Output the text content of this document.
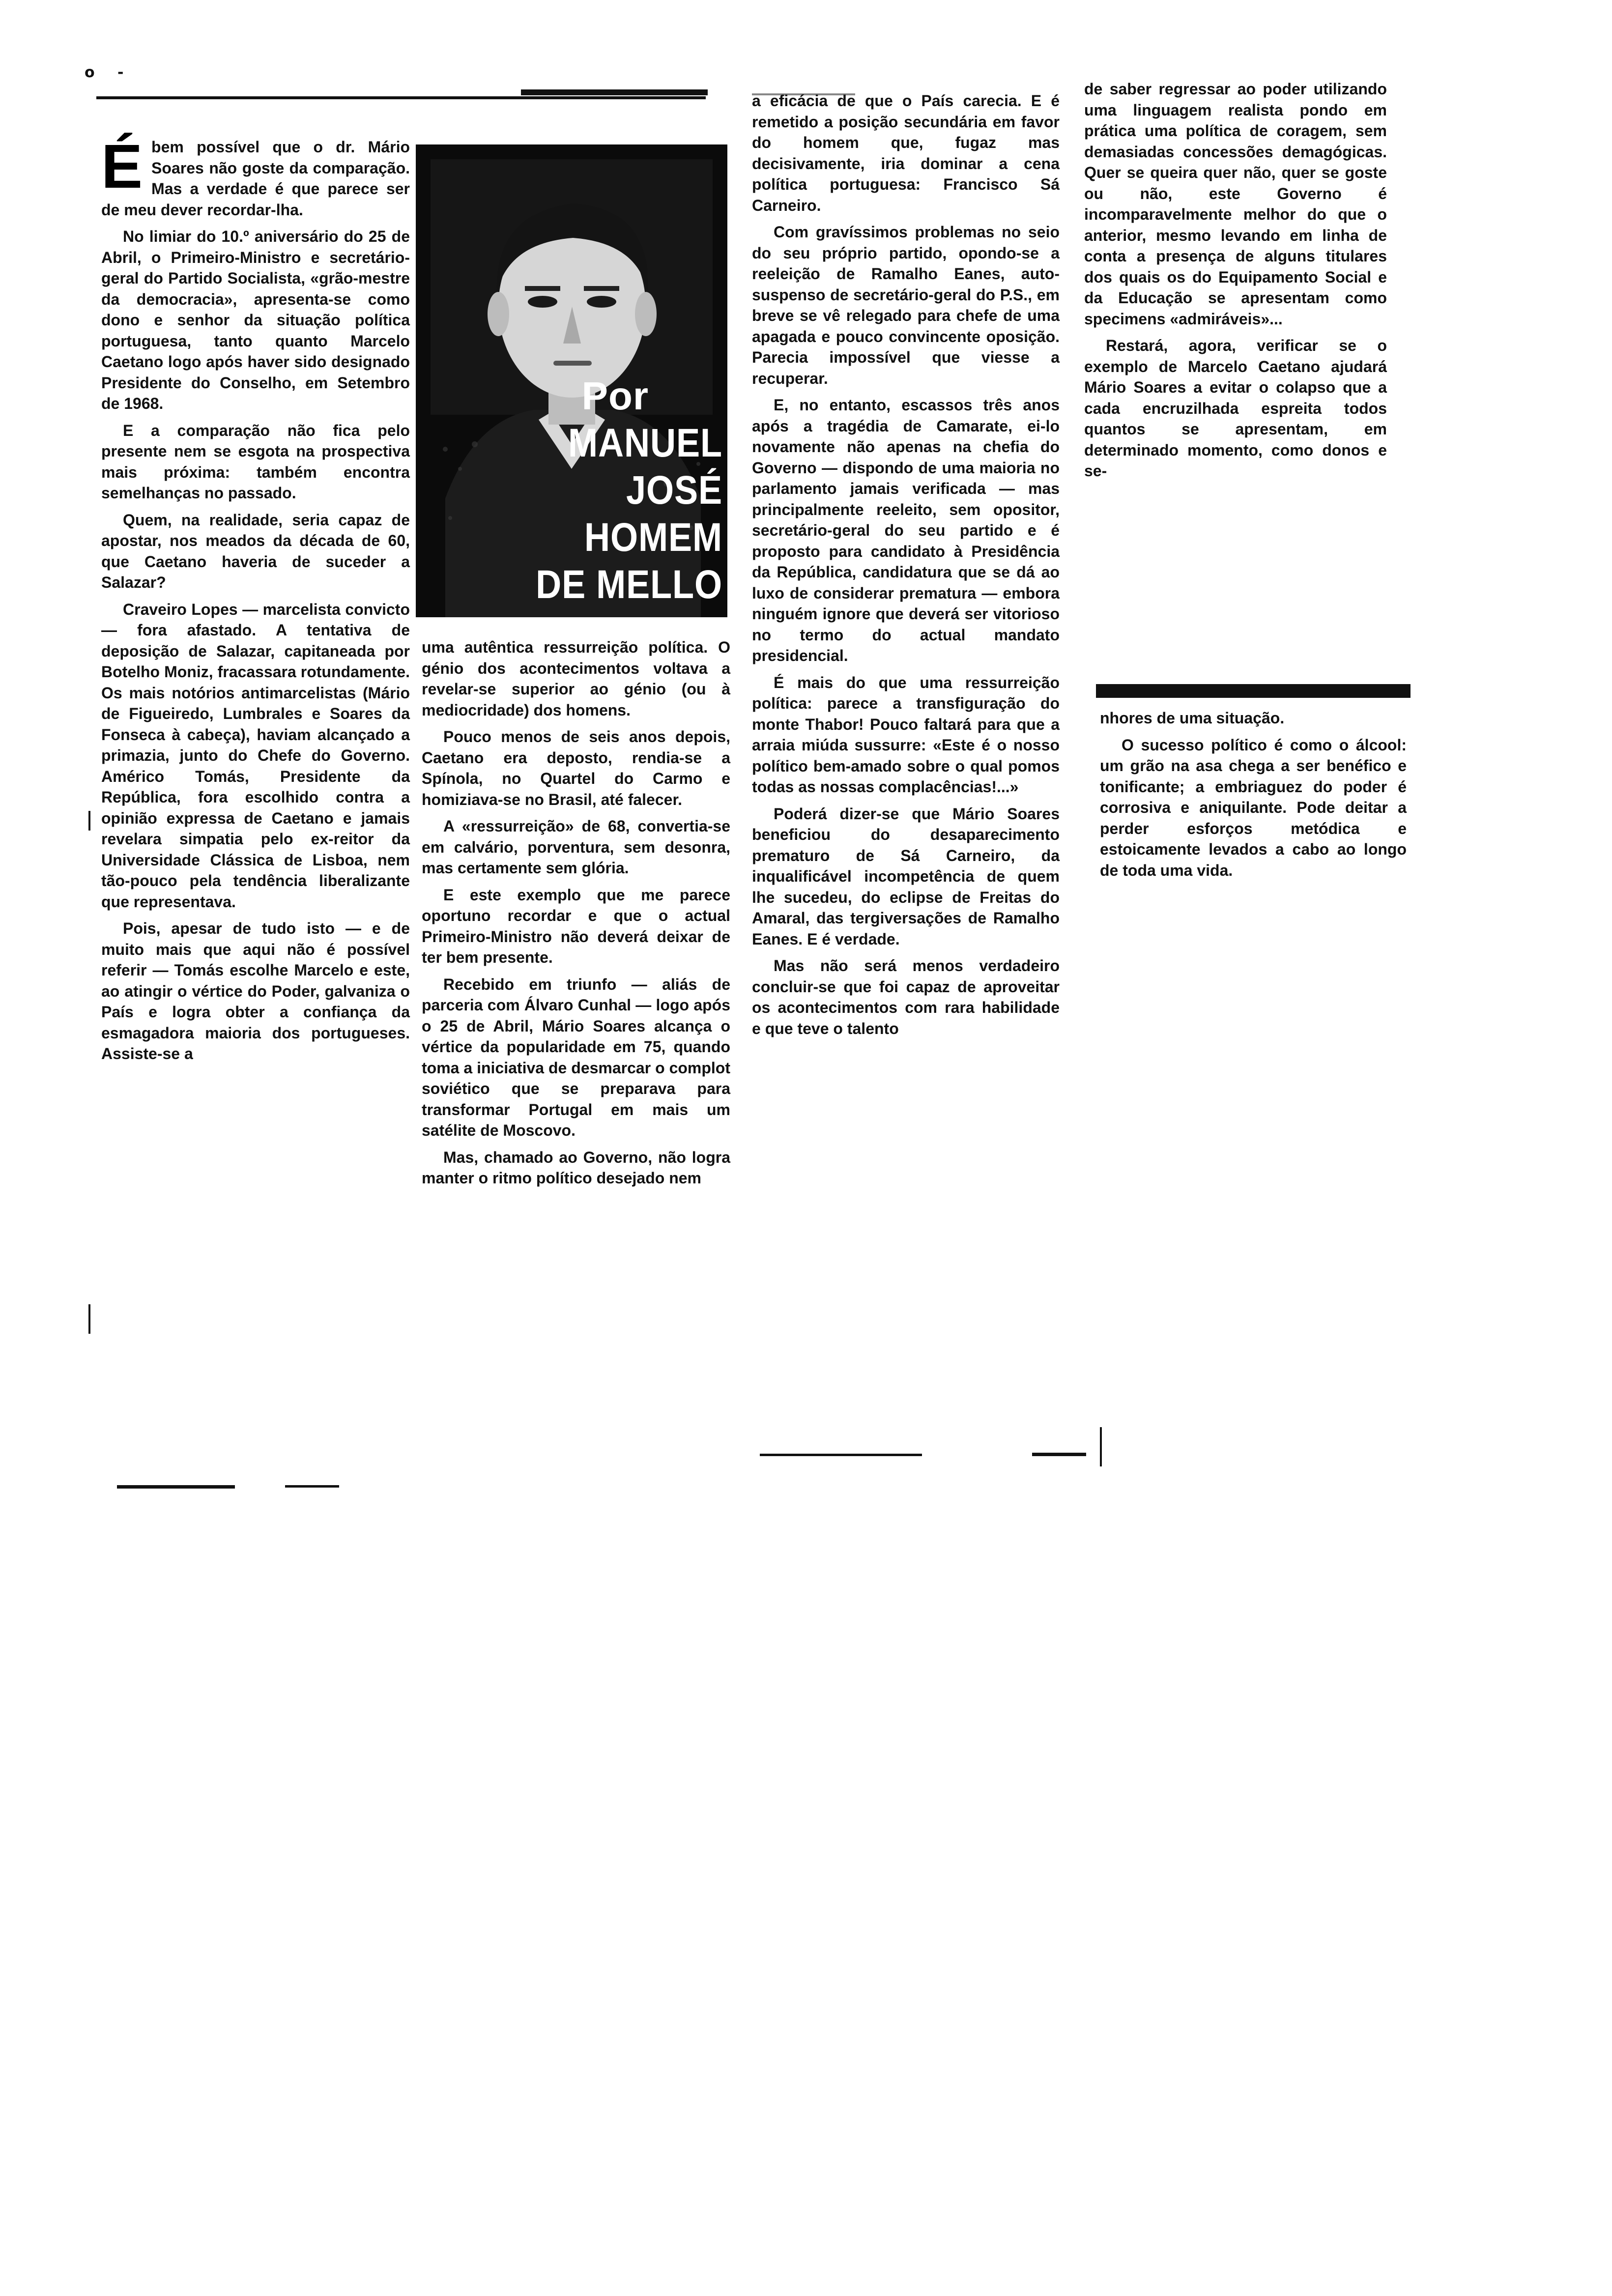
o -
Por
MANUEL JOSÉ
HOMEM
DE MELLO
É bem possível que o dr. Mário Soares não goste da comparação. Mas a verdade é que parece ser de meu dever recordar-lha.

No limiar do 10.º aniversário do 25 de Abril, o Primeiro-Ministro e secretário-geral do Partido Socialista, «grão-mestre da democracia», apresenta-se como dono e senhor da situação política portuguesa, tanto quanto Marcelo Caetano logo após haver sido designado Presidente do Conselho, em Setembro de 1968.

E a comparação não fica pelo presente nem se esgota na prospectiva mais próxima: também encontra semelhanças no passado.

Quem, na realidade, seria capaz de apostar, nos meados da década de 60, que Caetano haveria de suceder a Salazar?

Craveiro Lopes — marcelista convicto — fora afastado. A tentativa de deposição de Salazar, capitaneada por Botelho Moniz, fracassara rotundamente. Os mais notórios antimarcelistas (Mário de Figueiredo, Lumbrales e Soares da Fonseca à cabeça), haviam alcançado a primazia, junto do Chefe do Governo. Américo Tomás, Presidente da República, fora escolhido contra a opinião expressa de Caetano e jamais revelara simpatia pelo ex-reitor da Universidade Clássica de Lisboa, nem tão-pouco pela tendência liberalizante que representava.

Pois, apesar de tudo isto — e de muito mais que aqui não é possível referir — Tomás escolhe Marcelo e este, ao atingir o vértice do Poder, galvaniza o País e logra obter a confiança da esmagadora maioria dos portugueses. Assiste-se a

uma autêntica ressurreição política. O génio dos acontecimentos voltava a revelar-se superior ao génio (ou à mediocridade) dos homens.

Pouco menos de seis anos depois, Caetano era deposto, rendia-se a Spínola, no Quartel do Carmo e homiziava-se no Brasil, até falecer.

A «ressurreição» de 68, convertia-se em calvário, porventura, sem desonra, mas certamente sem glória.

E este exemplo que me parece oportuno recordar e que o actual Primeiro-Ministro não deverá deixar de ter bem presente.

Recebido em triunfo — aliás de parceria com Álvaro Cunhal — logo após o 25 de Abril, Mário Soares alcança o vértice da popularidade em 75, quando toma a iniciativa de desmarcar o complot soviético que se preparava para transformar Portugal em mais um satélite de Moscovo.

Mas, chamado ao Governo, não logra manter o ritmo político desejado nem

a eficácia de que o País carecia. E é remetido a posição secundária em favor do homem que, fugaz mas decisivamente, iria dominar a cena política portuguesa: Francisco Sá Carneiro.

Com gravíssimos problemas no seio do seu próprio partido, opondo-se a reeleição de Ramalho Eanes, auto-suspenso de secretário-geral do P.S., em breve se vê relegado para chefe de uma apagada e pouco convincente oposição. Parecia impossível que viesse a recuperar.

E, no entanto, escassos três anos após a tragédia de Camarate, ei-lo novamente não apenas na chefia do Governo — dispondo de uma maioria no parlamento jamais verificada — mas principalmente reeleito, sem opositor, secretário-geral do seu partido e é proposto para candidato à Presidência da República, candidatura que se dá ao luxo de considerar prematura — embora ninguém ignore que deverá ser vitorioso no termo do actual mandato presidencial.

É mais do que uma ressurreição política: parece a transfiguração do monte Thabor! Pouco faltará para que a arraia miúda sussurre: «Este é o nosso político bem-amado sobre o qual pomos todas as nossas complacências!...»

Poderá dizer-se que Mário Soares beneficiou do desaparecimento prematuro de Sá Carneiro, da inqualificável incompetência de quem lhe sucedeu, do eclipse de Freitas do Amaral, das tergiversações de Ramalho Eanes. E é verdade.

Mas não será menos verdadeiro concluir-se que foi capaz de aproveitar os acontecimentos com rara habilidade e que teve o talento

de saber regressar ao poder utilizando uma linguagem realista pondo em prática uma política de coragem, sem demasiadas concessões demagógicas. Quer se queira quer não, quer se goste ou não, este Governo é incomparavelmente melhor do que o anterior, mesmo levando em linha de conta a presença de alguns titulares dos quais os do Equipamento Social e da Educação se apresentam como specimens «admiráveis»...

Restará, agora, verificar se o exemplo de Marcelo Caetano ajudará Mário Soares a evitar o colapso que a cada encruzilhada espreita todos quantos se apresentam, em determinado momento, como donos e se-

nhores de uma situação.

O sucesso político é como o álcool: um grão na asa chega a ser benéfico e tonificante; a embriaguez do poder é corrosiva e aniquilante. Pode deitar a perder esforços metódica e estoicamente levados a cabo ao longo de toda uma vida.
